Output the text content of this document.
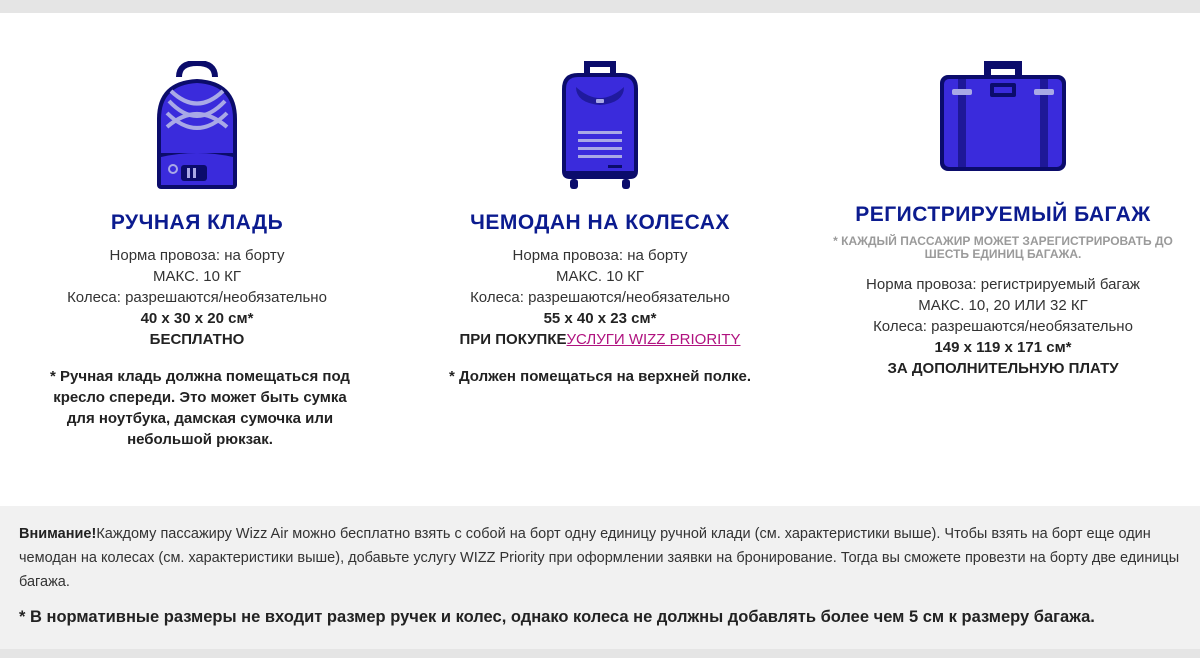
РУЧНАЯ КЛАДЬ
Норма провоза: на борту
МАКС. 10 КГ
Колеса: разрешаются/необязательно
40 x 30 x 20 см*
БЕСПЛАТНО
* Ручная кладь должна помещаться под кресло спереди. Это может быть сумка для ноутбука, дамская сумочка или небольшой рюкзак.
ЧЕМОДАН НА КОЛЕСАХ
Норма провоза: на борту
МАКС. 10 КГ
Колеса: разрешаются/необязательно
55 x 40 x 23 см*
ПРИ ПОКУПКЕУСЛУГИ WIZZ PRIORITY
* Должен помещаться на верхней полке.
РЕГИСТРИРУЕМЫЙ БАГАЖ
* КАЖДЫЙ ПАССАЖИР МОЖЕТ ЗАРЕГИСТРИРОВАТЬ ДО ШЕСТЬ ЕДИНИЦ БАГАЖА.
Норма провоза: регистрируемый багаж
МАКС. 10, 20 ИЛИ 32 КГ
Колеса: разрешаются/необязательно
149 x 119 x 171 см*
ЗА ДОПОЛНИТЕЛЬНУЮ ПЛАТУ

Внимание!Каждому пассажиру Wizz Air можно бесплатно взять с собой на борт одну единицу ручной клади (см. характеристики выше). Чтобы взять на борт еще один чемодан на колесах (см. характеристики выше), добавьте услугу WIZZ Priority при оформлении заявки на бронирование. Тогда вы сможете провезти на борту две единицы багажа.

* В нормативные размеры не входит размер ручек и колес, однако колеса не должны добавлять более чем 5 см к размеру багажа.
